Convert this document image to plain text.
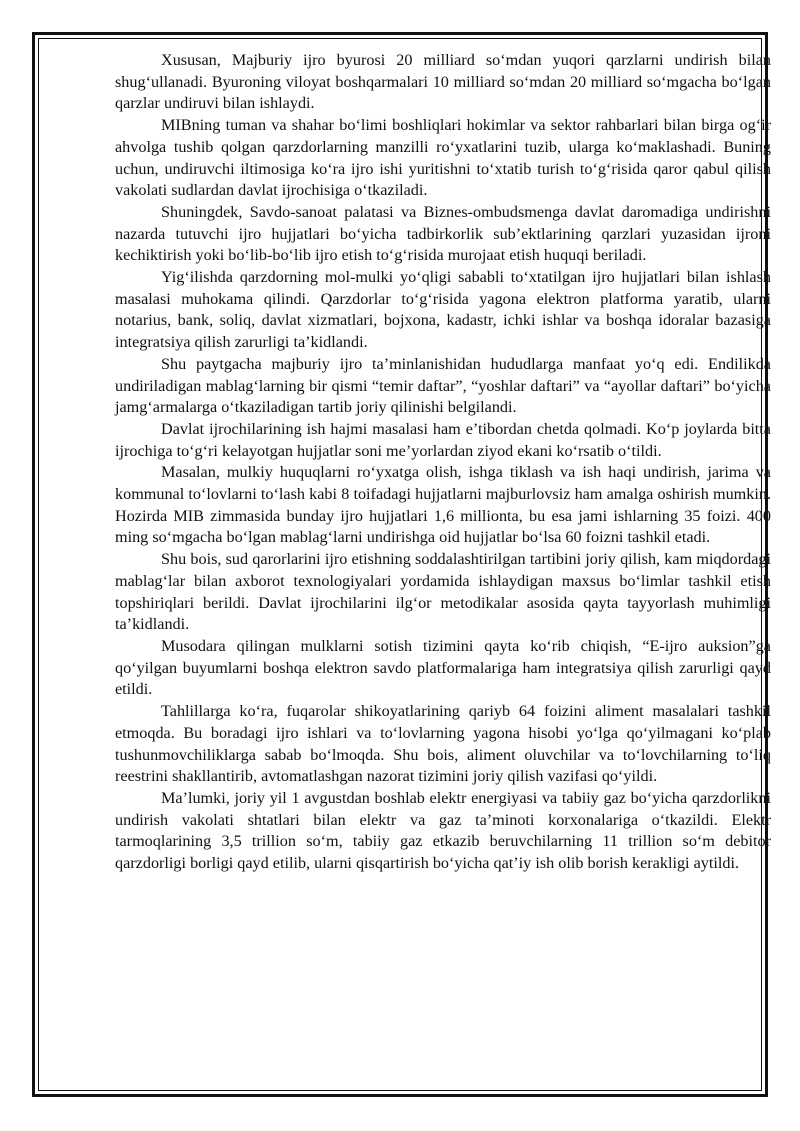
Xususan, Majburiy ijro byurosi 20 milliard so‘mdan yuqori qarzlarni undirish bilan shug‘ullanadi. Byuroning viloyat boshqarmalari 10 milliard so‘mdan 20 milliard so‘mgacha bo‘lgan qarzlar undiruvi bilan ishlaydi.

MIBning tuman va shahar bo‘limi boshliqlari hokimlar va sektor rahbarlari bilan birga og‘ir ahvolga tushib qolgan qarzdorlarning manzilli ro‘yxatlarini tuzib, ularga ko‘maklashadi. Buning uchun, undiruvchi iltimosiga ko‘ra ijro ishi yuritishni to‘xtatib turish to‘g‘risida qaror qabul qilish vakolati sudlardan davlat ijrochisiga o‘tkaziladi.

Shuningdek, Savdo-sanoat palatasi va Biznes-ombudsmenga davlat daromadiga undirishni nazarda tutuvchi ijro hujjatlari bo‘yicha tadbirkorlik sub’ektlarining qarzlari yuzasidan ijroni kechiktirish yoki bo‘lib-bo‘lib ijro etish to‘g‘risida murojaat etish huquqi beriladi.

Yig‘ilishda qarzdorning mol-mulki yo‘qligi sababli to‘xtatilgan ijro hujjatlari bilan ishlash masalasi muhokama qilindi. Qarzdorlar to‘g‘risida yagona elektron platforma yaratib, ularni notarius, bank, soliq, davlat xizmatlari, bojxona, kadastr, ichki ishlar va boshqa idoralar bazasiga integratsiya qilish zarurligi ta’kidlandi.

Shu paytgacha majburiy ijro ta’minlanishidan hududlarga manfaat yo‘q edi. Endilikda undiriladigan mablag‘larning bir qismi “temir daftar”, “yoshlar daftari” va “ayollar daftari” bo‘yicha jamg‘armalarga o‘tkaziladigan tartib joriy qilinishi belgilandi.

Davlat ijrochilarining ish hajmi masalasi ham e’tibordan chetda qolmadi. Ko‘p joylarda bitta ijrochiga to‘g‘ri kelayotgan hujjatlar soni me’yorlardan ziyod ekani ko‘rsatib o‘tildi.

Masalan, mulkiy huquqlarni ro‘yxatga olish, ishga tiklash va ish haqi undirish, jarima va kommunal to‘lovlarni to‘lash kabi 8 toifadagi hujjatlarni majburlovsiz ham amalga oshirish mumkin. Hozirda MIB zimmasida bunday ijro hujjatlari 1,6 millionta, bu esa jami ishlarning 35 foizi. 400 ming so‘mgacha bo‘lgan mablag‘larni undirishga oid hujjatlar bo‘lsa 60 foizni tashkil etadi.

Shu bois, sud qarorlarini ijro etishning soddalashtirilgan tartibini joriy qilish, kam miqdordagi mablag‘lar bilan axborot texnologiyalari yordamida ishlaydigan maxsus bo‘limlar tashkil etish topshiriqlari berildi. Davlat ijrochilarini ilg‘or metodikalar asosida qayta tayyorlash muhimligi ta’kidlandi.

Musodara qilingan mulklarni sotish tizimini qayta ko‘rib chiqish, “E-ijro auksion”ga qo‘yilgan buyumlarni boshqa elektron savdo platformalariga ham integratsiya qilish zarurligi qayd etildi.

Tahlillarga ko‘ra, fuqarolar shikoyatlarining qariyb 64 foizini aliment masalalari tashkil etmoqda. Bu boradagi ijro ishlari va to‘lovlarning yagona hisobi yo‘lga qo‘yilmagani ko‘plab tushunmovchiliklarga sabab bo‘lmoqda. Shu bois, aliment oluvchilar va to‘lovchilarning to‘liq reestrini shakllantirib, avtomatlashgan nazorat tizimini joriy qilish vazifasi qo‘yildi.

Ma’lumki, joriy yil 1 avgustdan boshlab elektr energiyasi va tabiiy gaz bo‘yicha qarzdorlikni undirish vakolati shtatlari bilan elektr va gaz ta’minoti korxonalariga o‘tkazildi. Elektr tarmoqlarining 3,5 trillion so‘m, tabiiy gaz etkazib beruvchilarning 11 trillion so‘m debitor qarzdorligi borligi qayd etilib, ularni qisqartirish bo‘yicha qat’iy ish olib borish kerakligi aytildi.
